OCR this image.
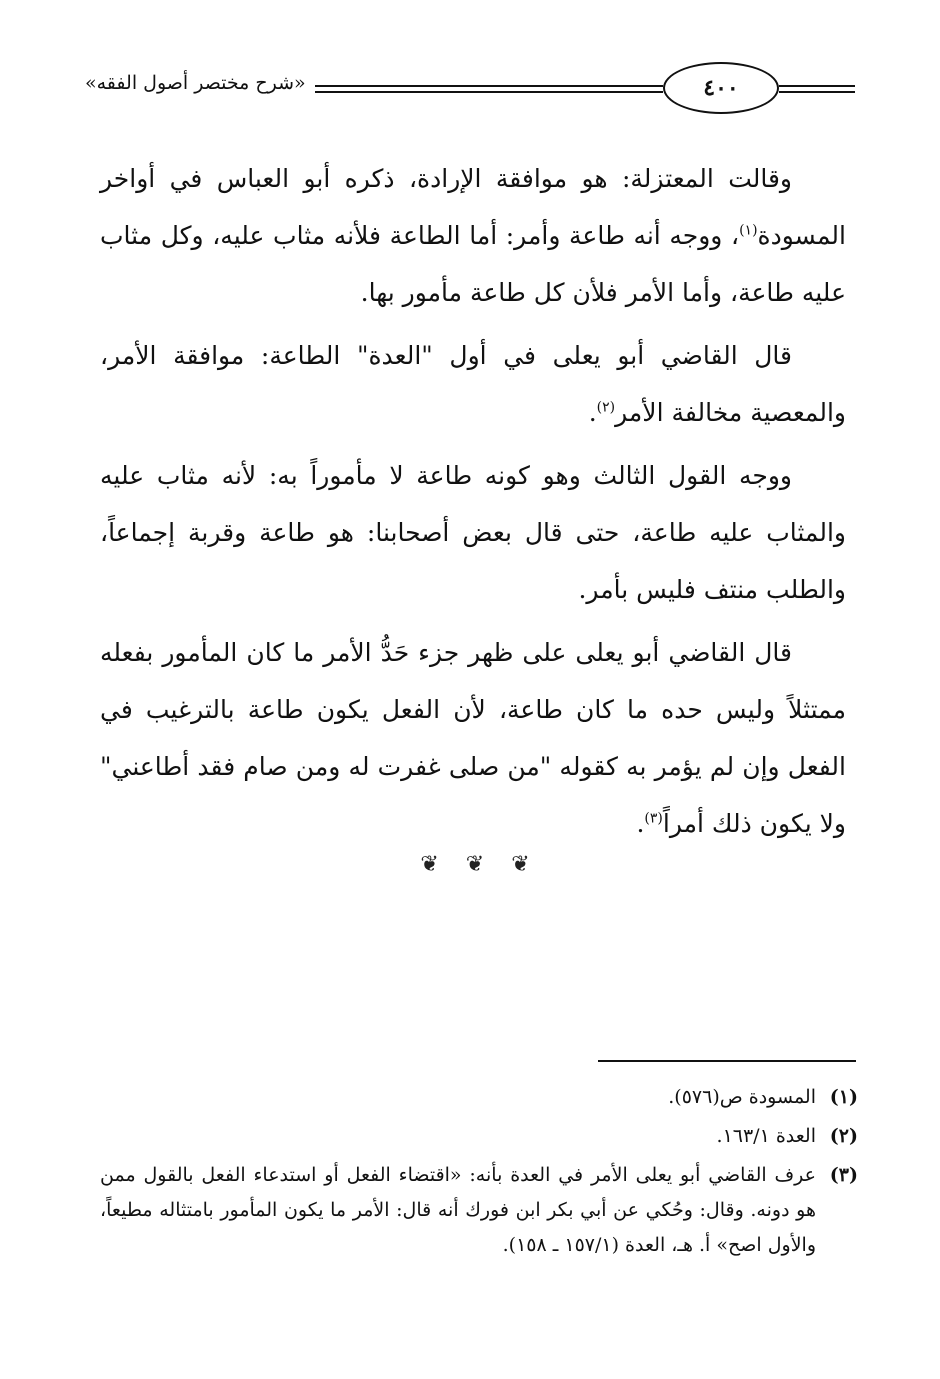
«شرح مختصر أصول الفقه»	٤٠٠

وقالت المعتزلة: هو موافقة الإرادة، ذكره أبو العباس في أواخر المسودة$^{(١)}$، ووجه أنه طاعة وأمر: أما الطاعة فلأنه مثاب عليه، وكل مثاب عليه طاعة، وأما الأمر فلأن كل طاعة مأمور بها.

قال القاضي أبو يعلى في أول "العدة" الطاعة: موافقة الأمر، والمعصية مخالفة الأمر$^{(٢)}$.

ووجه القول الثالث وهو كونه طاعة لا مأموراً به: لأنه مثاب عليه والمثاب عليه طاعة، حتى قال بعض أصحابنا: هو طاعة وقربة إجماعاً، والطلب منتف فليس بأمر.

قال القاضي أبو يعلى على ظهر جزء حَدُّ الأمر ما كان المأمور بفعله ممتثلاً وليس حده ما كان طاعة، لأن الفعل يكون طاعة بالترغيب في الفعل وإن لم يؤمر به كقوله "من صلى غفرت له ومن صام فقد أطاعني" ولا يكون ذلك أمراً$^{(٣)}$.

❦ ❦ ❦
(١)
المسودة ص(٥٧٦).
(٢)
العدة ١٦٣/١.
(٣)
عرف القاضي أبو يعلى الأمر في العدة بأنه: «اقتضاء الفعل أو استدعاء الفعل بالقول ممن هو دونه. وقال: وحُكي عن أبي بكر ابن فورك أنه قال: الأمر ما يكون المأمور بامتثاله مطيعاً، والأول اصح» أ. هـ، العدة (١٥٧/١ ـ ١٥٨).
